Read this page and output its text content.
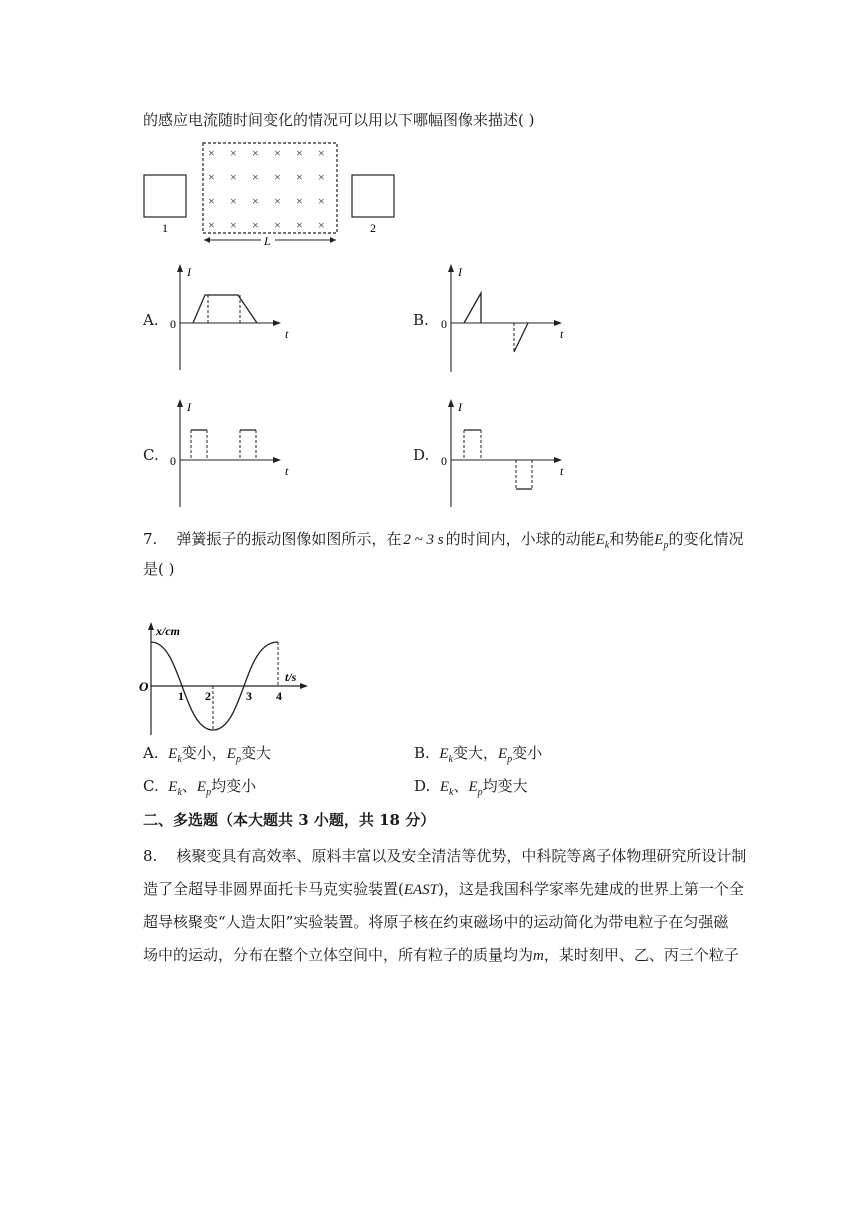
的感应电流随时间变化的情况可以用以下哪幅图像来描述( )
× × × × × ×
× × × × × ×
× × × × × ×
× × × × × ×
1	2
L
A.
I
t
0	B.
I
t
0
C.
I
t
0	D.
I
t
0
7. 弹簧振子的振动图像如图所示，在 2 ~ 3 s 的时间内，小球的动能$E_k$和势能$E_p$的变化情况
是( )
x/cm
t/s
O
1 2	3 4
A. $E_k$变小，$E_p$变大	B. $E_k$变大，$E_p$变小
C. $E_k$、$E_p$均变小	D. $E_k$、$E_p$均变大
二、多选题（本大题共 3 小题，共 18 分）
8. 核聚变具有高效率、原料丰富以及安全清洁等优势，中科院等离子体物理研究所设计制
造了全超导非圆界面托卡马克实验装置(EAST)，这是我国科学家率先建成的世界上第一个全
超导核聚变“人造太阳”实验装置。将原子核在约束磁场中的运动简化为带电粒子在匀强磁
场中的运动，分布在整个立体空间中，所有粒子的质量均为m，某时刻甲、乙、丙三个粒子
